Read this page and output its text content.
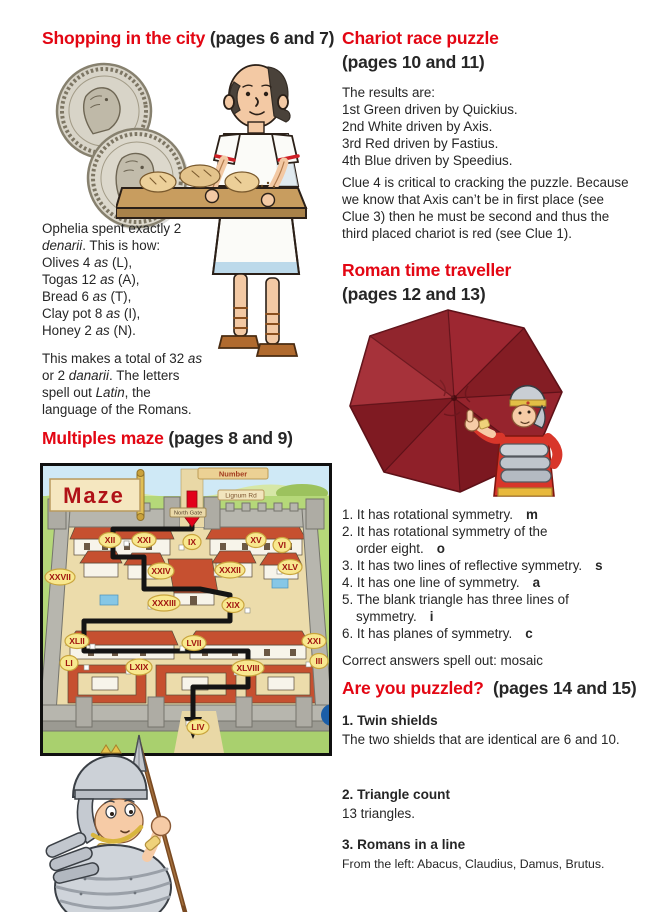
Shopping in the city (pages 6 and 7)
Ophelia spent exactly 2
denarii. This is how:
Olives 4 as (L),
Togas 12 as (A),
Bread 6 as (T),
Clay pot 8 as (I),
Honey 2 as (N).
This makes a total of 32 as
or 2 danarii. The letters
spell out Latin, the
language of the Romans.
Multiples maze (pages 8 and 9)
XII	XXI	IX	XV VI
XXVII
XXIV	XXXII	XLV
XXXIII	XIX
XLII	LVII	XXI
LI	LXIX	XLVIII
III
LIV
Maze
Number
Lignum Rd
North Gate
Chariot race puzzle
(pages 10 and 11)
The results are:
1st Green driven by Quickius.
2nd White driven by Axis.
3rd Red driven by Fastius.
4th Blue driven by Speedius.
Clue 4 is critical to cracking the puzzle. Because
we know that Axis can’t be in first place (see
Clue 3) then he must be second and thus the
third placed chariot is red (see Clue 1).
Roman time traveller
(pages 12 and 13)
1. It has rotational symmetry. m
2. It has rotational symmetry of the
order eight. o
3. It has two lines of reflective symmetry. s
4. It has one line of symmetry. a
5. The blank triangle has three lines of
symmetry. i
6. It has planes of symmetry. c
Correct answers spell out: mosaic
Are you puzzled?  (pages 14 and 15)
1. Twin shields
The two shields that are identical are 6 and 10.
2. Triangle count
13 triangles.
3. Romans in a line
From the left: Abacus, Claudius, Damus, Brutus.
